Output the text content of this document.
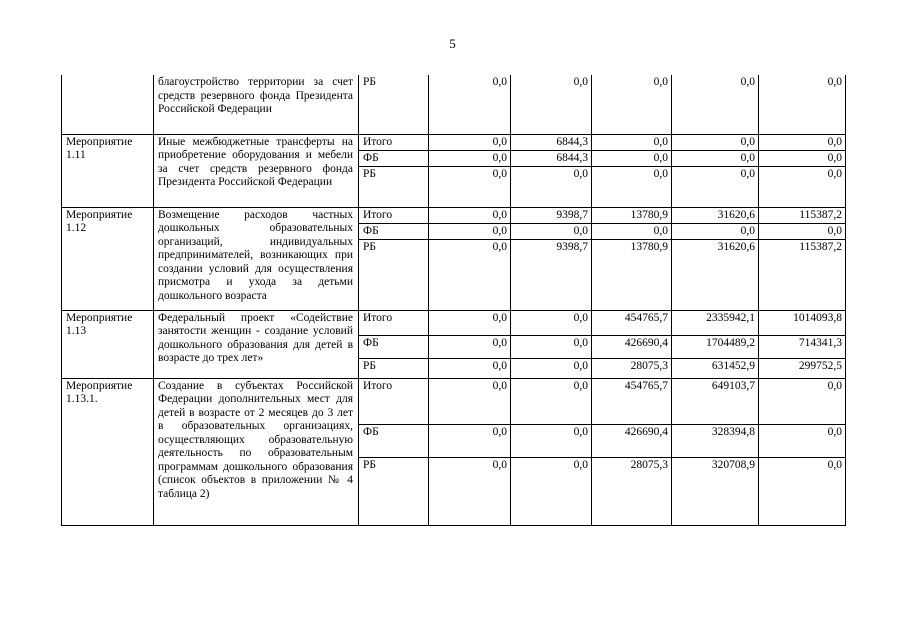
5
	благоустройство территории за счет средств резервного фонда Президента Российской Федерации	РБ	0,0	0,0	0,0	0,0	0,0
Мероприятие 1.11	Иные межбюджетные трансферты на приобретение оборудования и мебели за счет средств резервного фонда Президента Российской Федерации	Итого	0,0	6844,3	0,0	0,0	0,0
		ФБ	0,0	6844,3	0,0	0,0	0,0
		РБ	0,0	0,0	0,0	0,0	0,0
Мероприятие 1.12	Возмещение расходов частных дошкольных образовательных организаций, индивидуальных предпринимателей, возникающих при создании условий для осуществления присмотра и ухода за детьми дошкольного возраста	Итого	0,0	9398,7	13780,9	31620,6	115387,2
		ФБ	0,0	0,0	0,0	0,0	0,0
		РБ	0,0	9398,7	13780,9	31620,6	115387,2
Мероприятие 1.13	Федеральный проект «Содействие занятости женщин - создание условий дошкольного образования для детей в возрасте до трех лет»	Итого	0,0	0,0	454765,7	2335942,1	1014093,8
		ФБ	0,0	0,0	426690,4	1704489,2	714341,3
		РБ	0,0	0,0	28075,3	631452,9	299752,5
Мероприятие 1.13.1.	Создание в субъектах Российской Федерации дополнительных мест для детей в возрасте от 2 месяцев до 3 лет в образовательных организациях, осуществляющих образовательную деятельность по образовательным программам дошкольного образования (список объектов в приложении № 4 таблица 2)	Итого	0,0	0,0	454765,7	649103,7	0,0
		ФБ	0,0	0,0	426690,4	328394,8	0,0
		РБ	0,0	0,0	28075,3	320708,9	0,0
